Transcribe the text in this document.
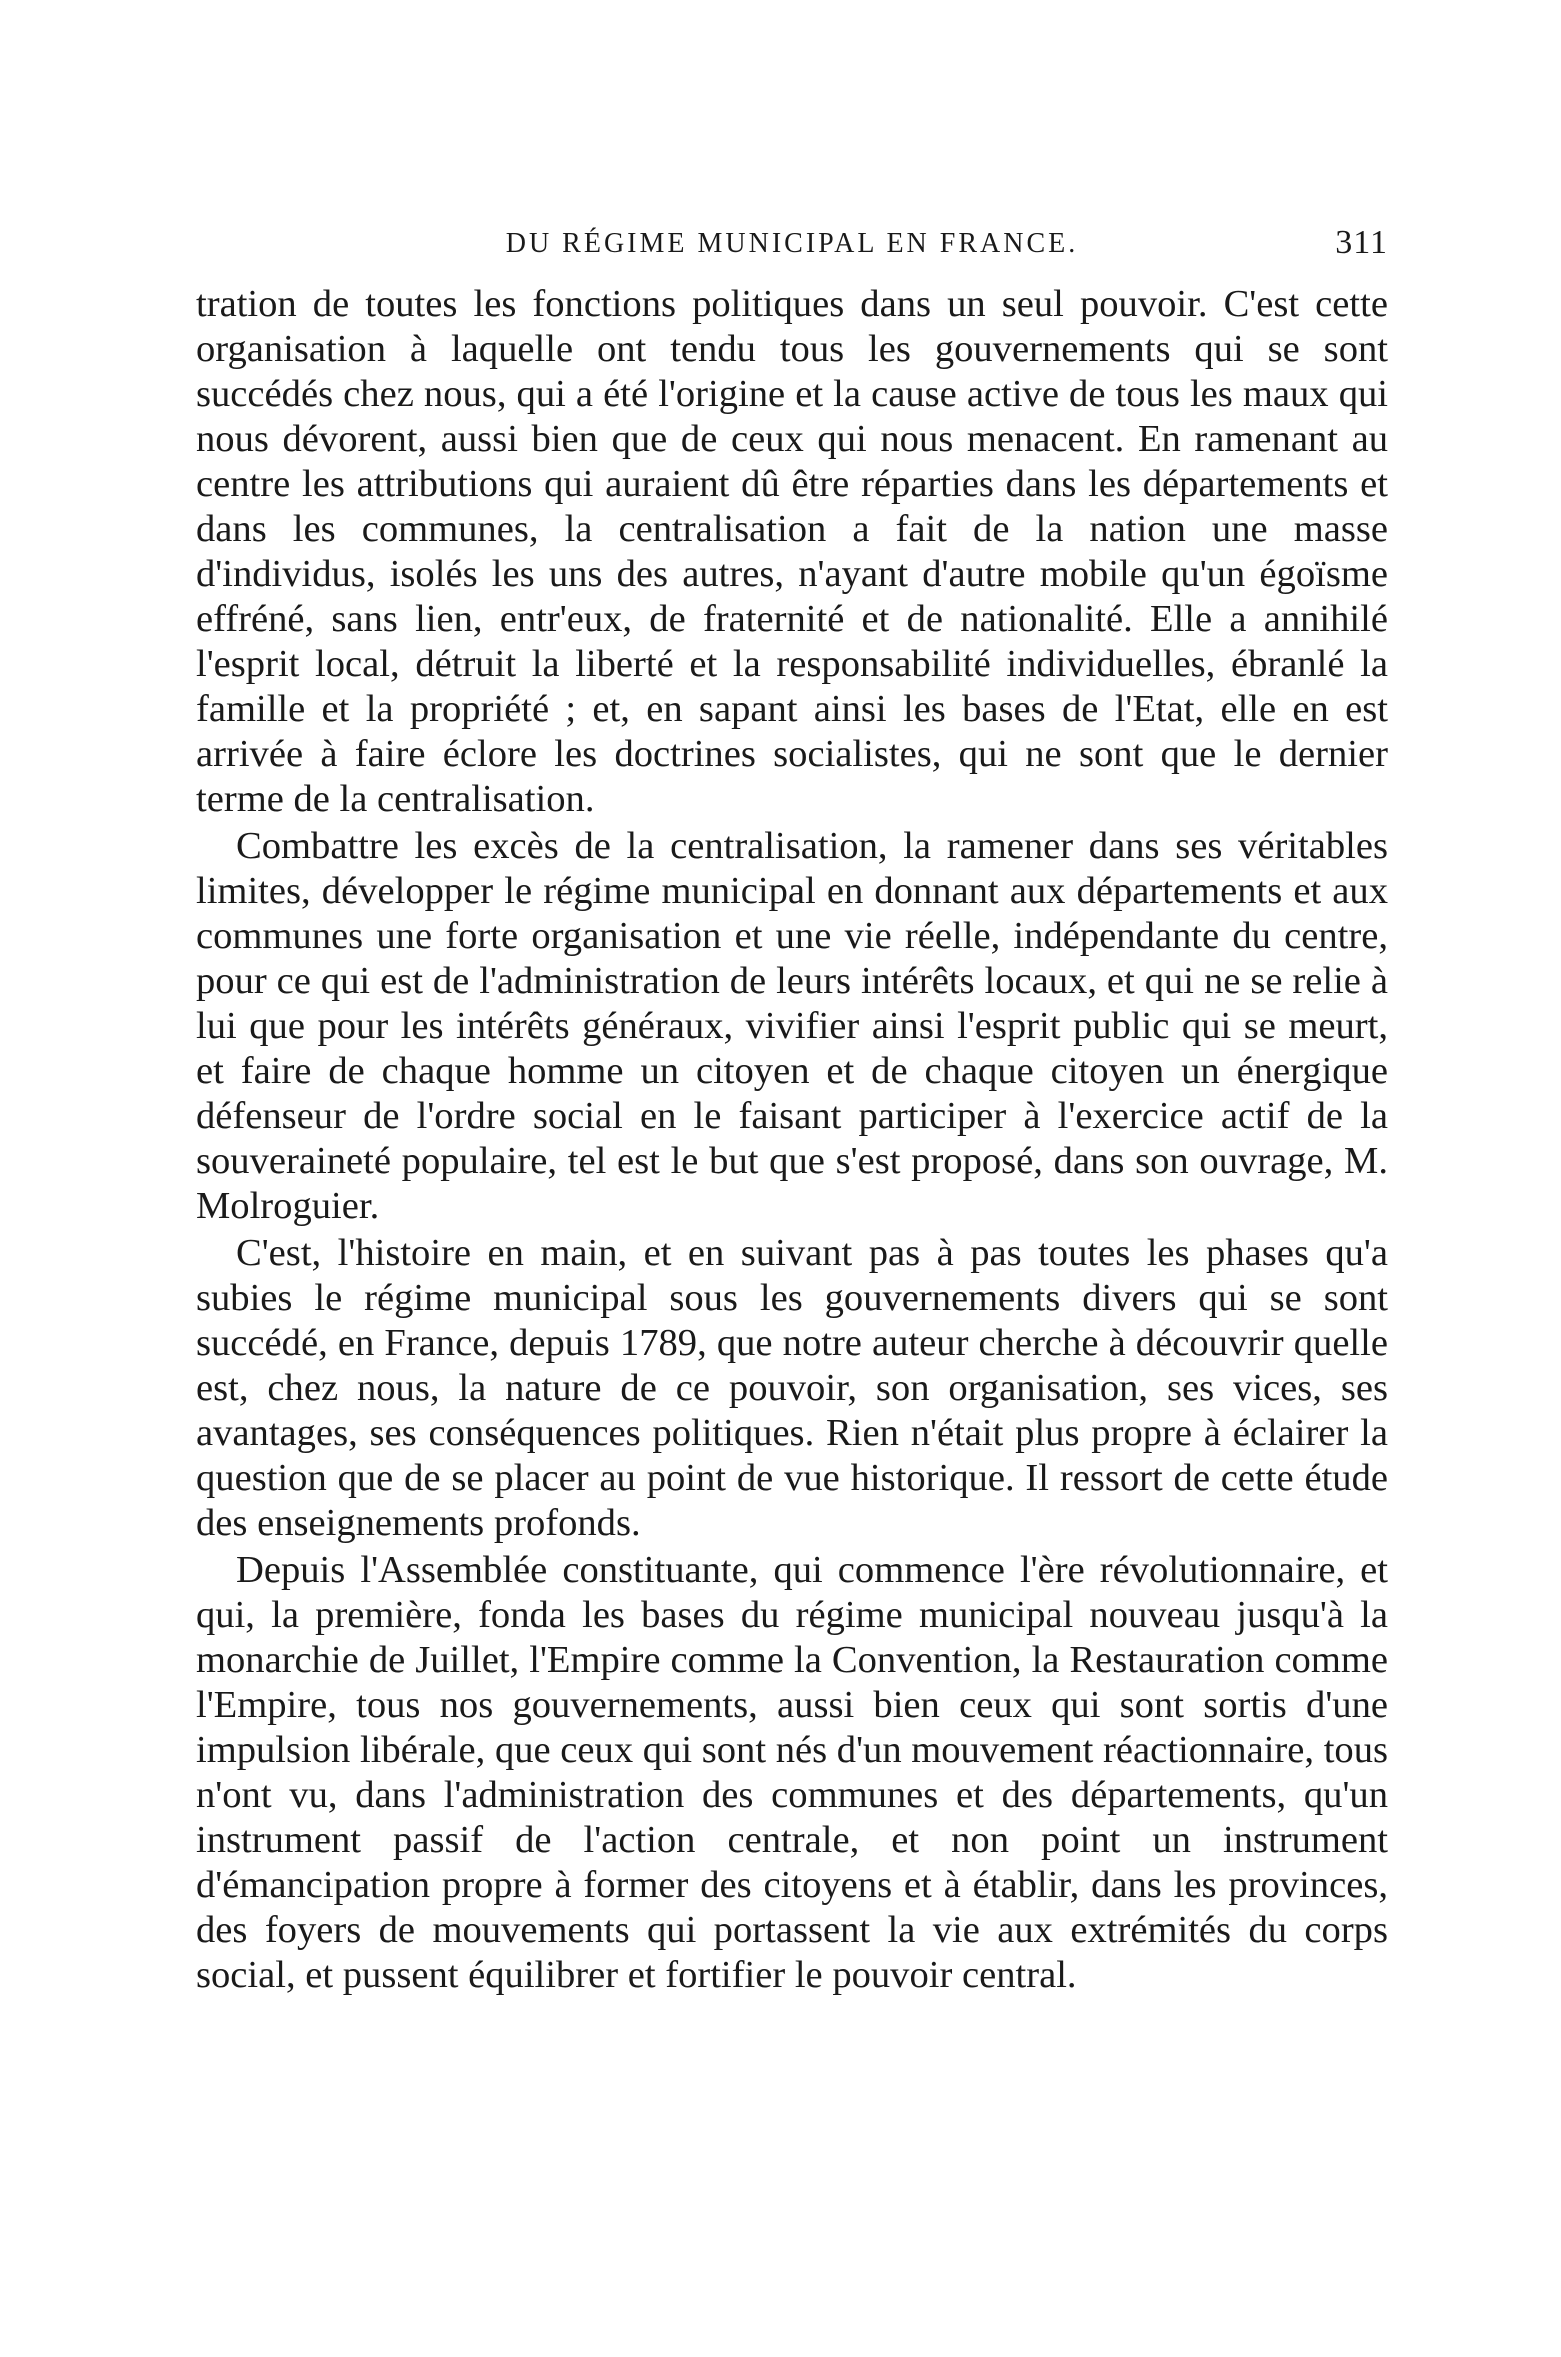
DU RÉGIME MUNICIPAL EN FRANCE.	311

tration de toutes les fonctions politiques dans un seul pouvoir. C'est cette organisation à laquelle ont tendu tous les gouvernements qui se sont succédés chez nous, qui a été l'origine et la cause active de tous les maux qui nous dévorent, aussi bien que de ceux qui nous menacent. En ramenant au centre les attributions qui auraient dû être réparties dans les départements et dans les communes, la centralisation a fait de la nation une masse d'individus, isolés les uns des autres, n'ayant d'autre mobile qu'un égoïsme effréné, sans lien, entr'eux, de fraternité et de nationalité. Elle a annihilé l'esprit local, détruit la liberté et la responsabilité individuelles, ébranlé la famille et la propriété ; et, en sapant ainsi les bases de l'Etat, elle en est arrivée à faire éclore les doctrines socialistes, qui ne sont que le dernier terme de la centralisation.

Combattre les excès de la centralisation, la ramener dans ses véritables limites, développer le régime municipal en donnant aux départements et aux communes une forte organisation et une vie réelle, indépendante du centre, pour ce qui est de l'administration de leurs intérêts locaux, et qui ne se relie à lui que pour les intérêts généraux, vivifier ainsi l'esprit public qui se meurt, et faire de chaque homme un citoyen et de chaque citoyen un énergique défenseur de l'ordre social en le faisant participer à l'exercice actif de la souveraineté populaire, tel est le but que s'est proposé, dans son ouvrage, M. Molroguier.

C'est, l'histoire en main, et en suivant pas à pas toutes les phases qu'a subies le régime municipal sous les gouvernements divers qui se sont succédé, en France, depuis 1789, que notre auteur cherche à découvrir quelle est, chez nous, la nature de ce pouvoir, son organisation, ses vices, ses avantages, ses conséquences politiques. Rien n'était plus propre à éclairer la question que de se placer au point de vue historique. Il ressort de cette étude des enseignements profonds.

Depuis l'Assemblée constituante, qui commence l'ère révolutionnaire, et qui, la première, fonda les bases du régime municipal nouveau jusqu'à la monarchie de Juillet, l'Empire comme la Convention, la Restauration comme l'Empire, tous nos gouvernements, aussi bien ceux qui sont sortis d'une impulsion libérale, que ceux qui sont nés d'un mouvement réactionnaire, tous n'ont vu, dans l'administration des communes et des départements, qu'un instrument passif de l'action centrale, et non point un instrument d'émancipation propre à former des citoyens et à établir, dans les provinces, des foyers de mouvements qui portassent la vie aux extrémités du corps social, et pussent équilibrer et fortifier le pouvoir central.
